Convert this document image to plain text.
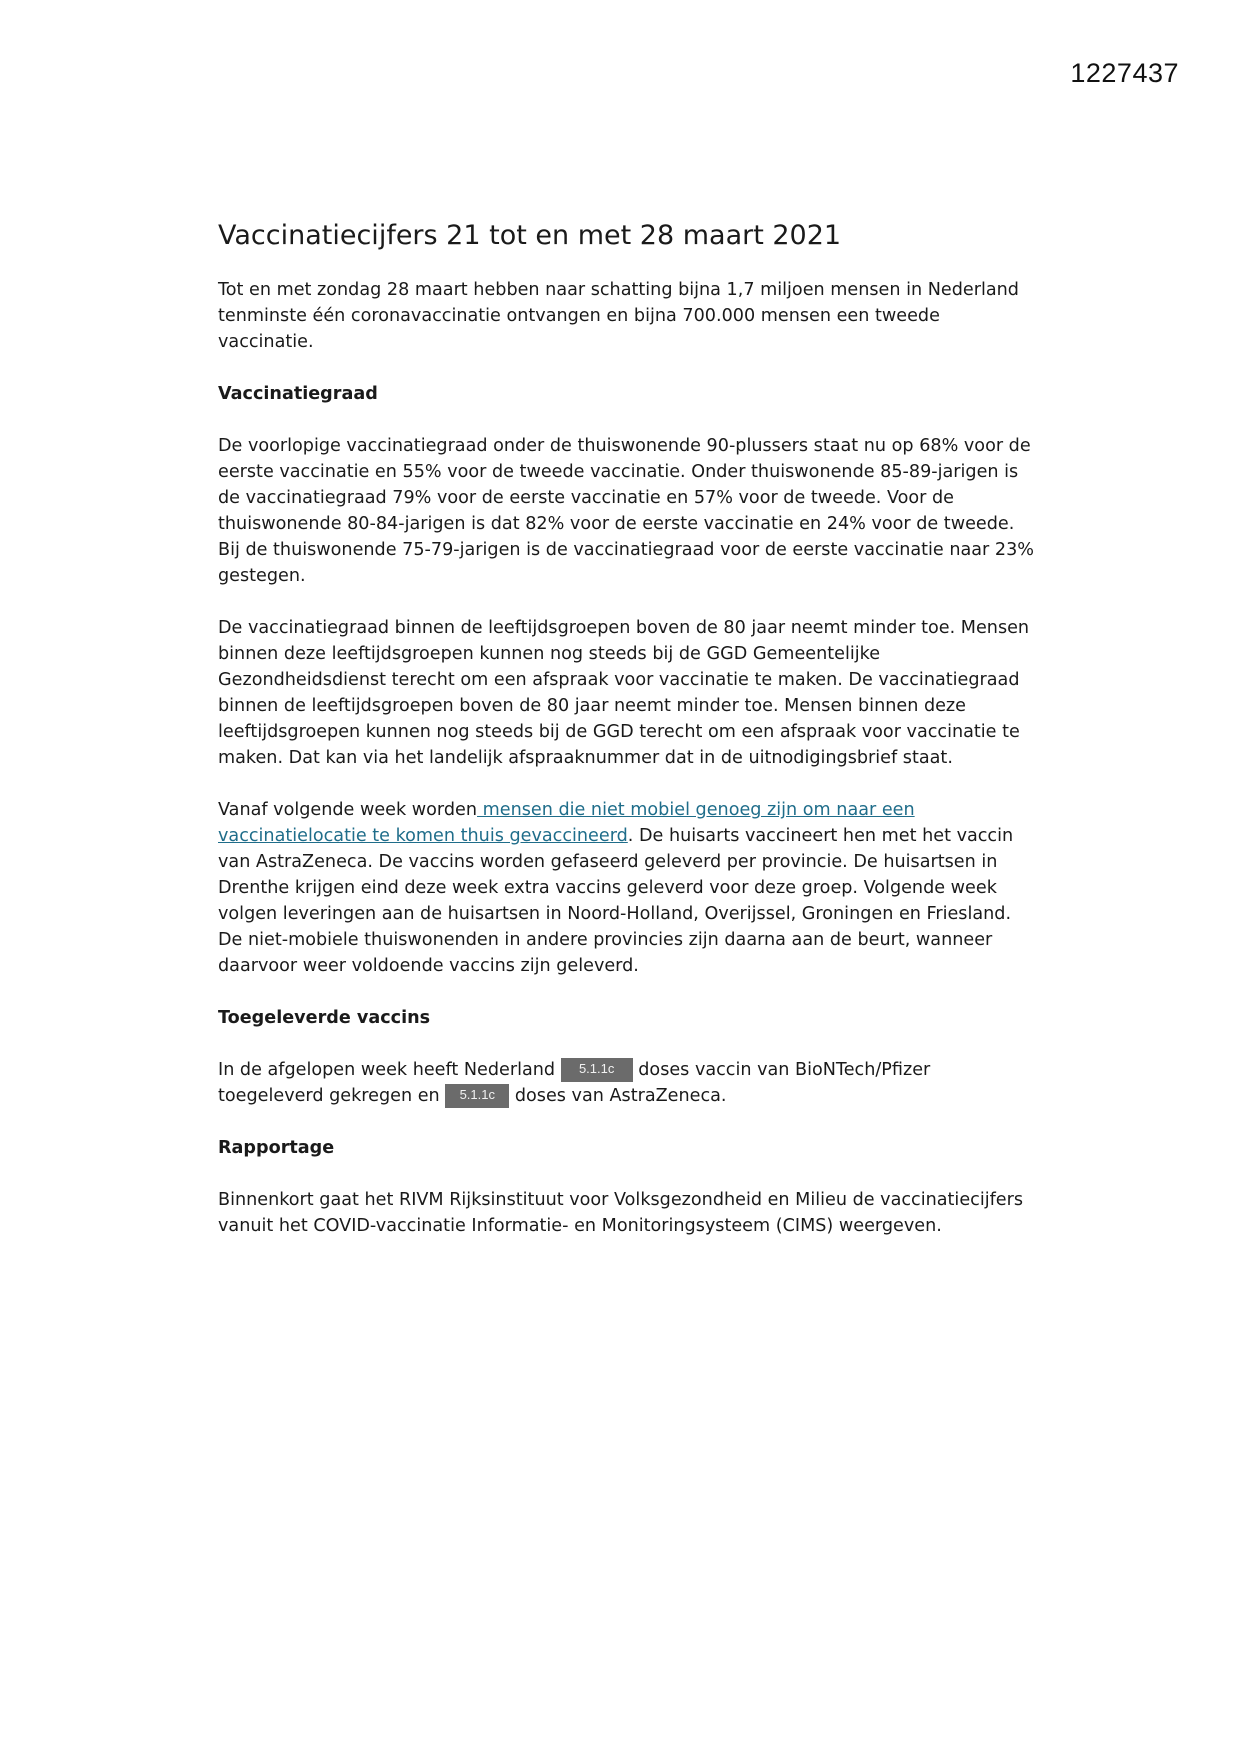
1227437
Vaccinatiecijfers 21 tot en met 28 maart 2021

Tot en met zondag 28 maart hebben naar schatting bijna 1,7 miljoen mensen in Nederland tenminste één coronavaccinatie ontvangen en bijna 700.000 mensen een tweede vaccinatie.

Vaccinatiegraad

De voorlopige vaccinatiegraad onder de thuiswonende 90-plussers staat nu op 68% voor de eerste vaccinatie en 55% voor de tweede vaccinatie. Onder thuiswonende 85-89-jarigen is de vaccinatiegraad 79% voor de eerste vaccinatie en 57% voor de tweede. Voor de thuiswonende 80-84-jarigen is dat 82% voor de eerste vaccinatie en 24% voor de tweede. Bij de thuiswonende 75-79-jarigen is de vaccinatiegraad voor de eerste vaccinatie naar 23% gestegen.

De vaccinatiegraad binnen de leeftijdsgroepen boven de 80 jaar neemt minder toe. Mensen binnen deze leeftijdsgroepen kunnen nog steeds bij de GGD Gemeentelijke Gezondheidsdienst terecht om een afspraak voor vaccinatie te maken. De vaccinatiegraad binnen de leeftijdsgroepen boven de 80 jaar neemt minder toe. Mensen binnen deze leeftijdsgroepen kunnen nog steeds bij de GGD terecht om een afspraak voor vaccinatie te maken. Dat kan via het landelijk afspraaknummer dat in de uitnodigingsbrief staat.

Vanaf volgende week worden mensen die niet mobiel genoeg zijn om naar een vaccinatielocatie te komen thuis gevaccineerd. De huisarts vaccineert hen met het vaccin van AstraZeneca. De vaccins worden gefaseerd geleverd per provincie. De huisartsen in Drenthe krijgen eind deze week extra vaccins geleverd voor deze groep. Volgende week volgen leveringen aan de huisartsen in Noord-Holland, Overijssel, Groningen en Friesland. De niet-mobiele thuiswonenden in andere provincies zijn daarna aan de beurt, wanneer daarvoor weer voldoende vaccins zijn geleverd.

Toegeleverde vaccins

In de afgelopen week heeft Nederland 5.1.1c doses vaccin van BioNTech/Pfizer toegeleverd gekregen en 5.1.1c doses van AstraZeneca.

Rapportage

Binnenkort gaat het RIVM Rijksinstituut voor Volksgezondheid en Milieu de vaccinatiecijfers vanuit het COVID-vaccinatie Informatie- en Monitoringsysteem (CIMS) weergeven.
